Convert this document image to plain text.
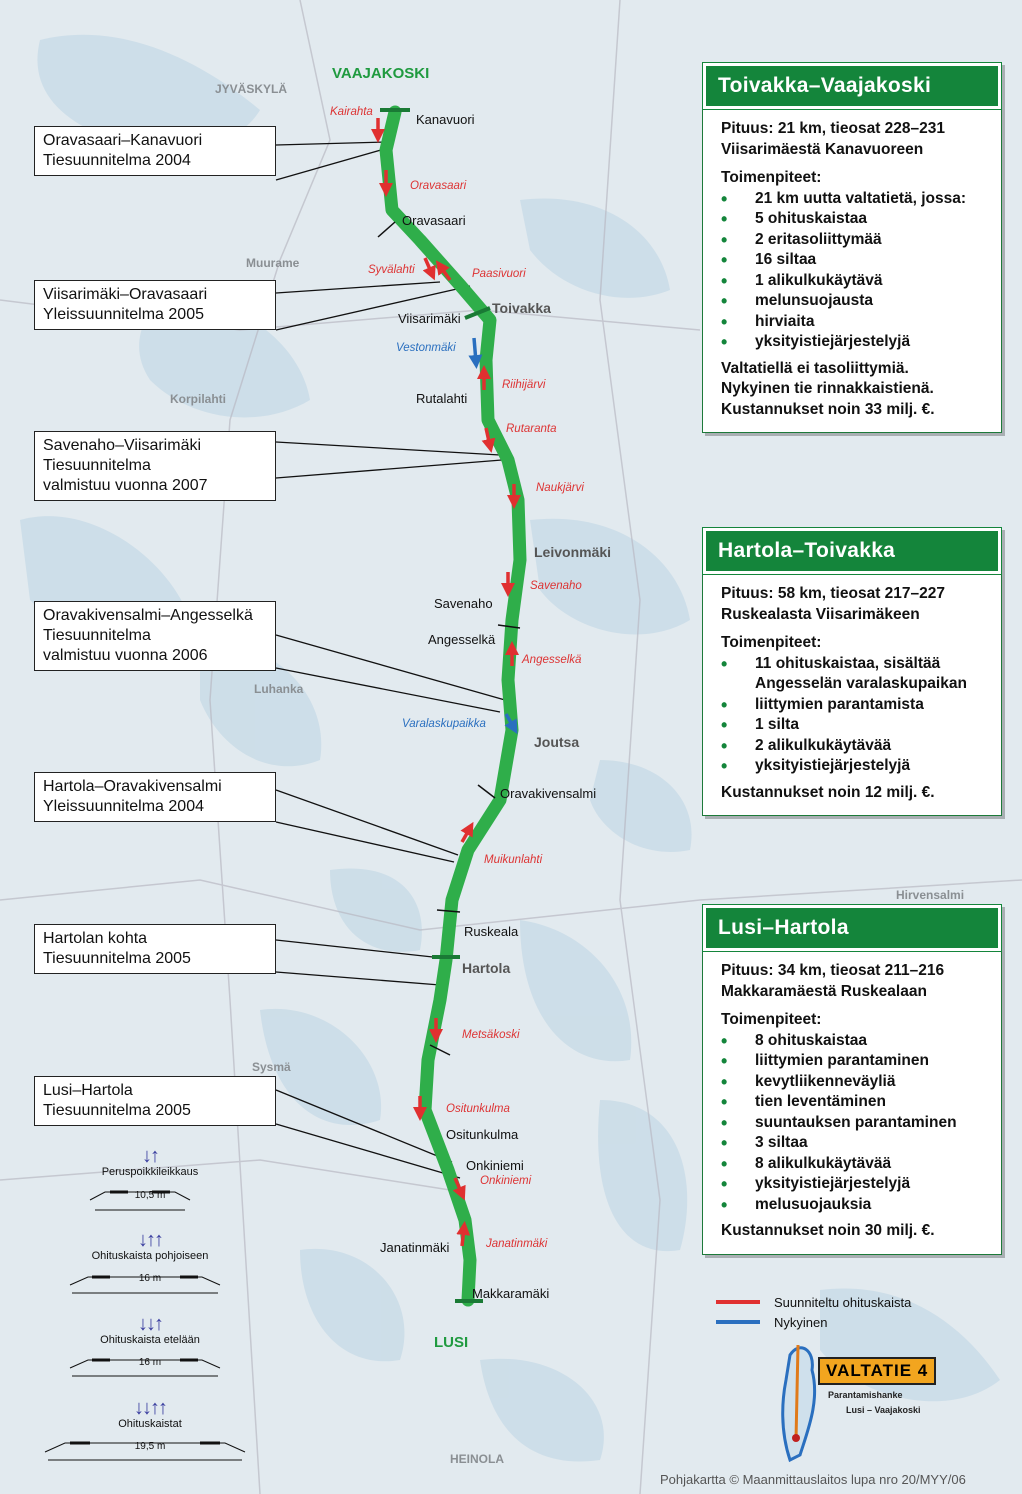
JYVÄSKYLÄ
Muurame
Korpilahti
Luhanka
Sysmä
Hirvensalmi
HEINOLA
VAAJAKOSKI
Toivakka
Leivonmäki
Joutsa
Hartola
LUSI
Kanavuori
Oravasaari
Viisarimäki
Rutalahti
Savenaho
Angesselkä
Oravakivensalmi
Ruskeala
Ositunkulma
Onkiniemi
Janatinmäki
Makkaramäki
Kairahta
Oravasaari
Syvälahti	Paasivuori
Vestonmäki
Riihijärvi
Rutaranta
Naukjärvi
Savenaho
Angesselkä
Varalaskupaikka
Muikunlahti
Metsäkoski
Ositunkulma
Onkiniemi
Janatinmäki
Oravasaari–Kanavuori
Tiesuunnitelma 2004
Viisarimäki–Oravasaari
Yleissuunnitelma 2005
Savenaho–Viisarimäki
Tiesuunnitelma
valmistuu vuonna 2007
Oravakivensalmi–Angesselkä
Tiesuunnitelma
valmistuu vuonna 2006
Hartola–Oravakivensalmi
Yleissuunnitelma 2004
Hartolan kohta
Tiesuunnitelma 2005
Lusi–Hartola
Tiesuunnitelma 2005
Toivakka–Vaajakoski

Pituus: 21 km, tieosat 228–231
Viisarimäestä Kanavuoreen

Toimenpiteet:
• 21 km uutta valtatietä, jossa:
• 5 ohituskaistaa
• 2 eritasoliittymää
• 16 siltaa
• 1 alikulkukäytävä
• melunsuojausta
• hirviaita
• yksityistiejärjestelyjä
Valtatiellä ei tasoliittymiä.
Nykyinen tie rinnakkaistienä.
Kustannukset noin 33 milj. €.
Hartola–Toivakka

Pituus: 58 km, tieosat 217–227
Ruskealasta Viisarimäkeen

Toimenpiteet:
• 11 ohituskaistaa, sisältää Angesselän varalaskupaikan
• liittymien parantamista
• 1 silta
• 2 alikulkukäytävää
• yksityistiejärjestelyjä
Kustannukset noin 12 milj. €.
Lusi–Hartola

Pituus: 34 km, tieosat 211–216
Makkaramäestä Ruskealaan

Toimenpiteet:
• 8 ohituskaistaa
• liittymien parantaminen
• kevytliikenneväyliä
• tien leventäminen
• suuntauksen parantaminen
• 3 siltaa
• 8 alikulkukäytävää
• yksityistiejärjestelyjä
• melusuojauksia
Kustannukset noin 30 milj. €.
↓↑
Peruspoikkileikkaus
10,5 m
↓↑↑
Ohituskaista pohjoiseen
16 m
↓↓↑
Ohituskaista etelään
16 m
↓↓↑↑
Ohituskaistat
19,5 m
Suunniteltu ohituskaista
Nykyinen
VALTATIE 4
Parantamishanke
Lusi – Vaajakoski
Pohjakartta © Maanmittauslaitos lupa nro 20/MYY/06
